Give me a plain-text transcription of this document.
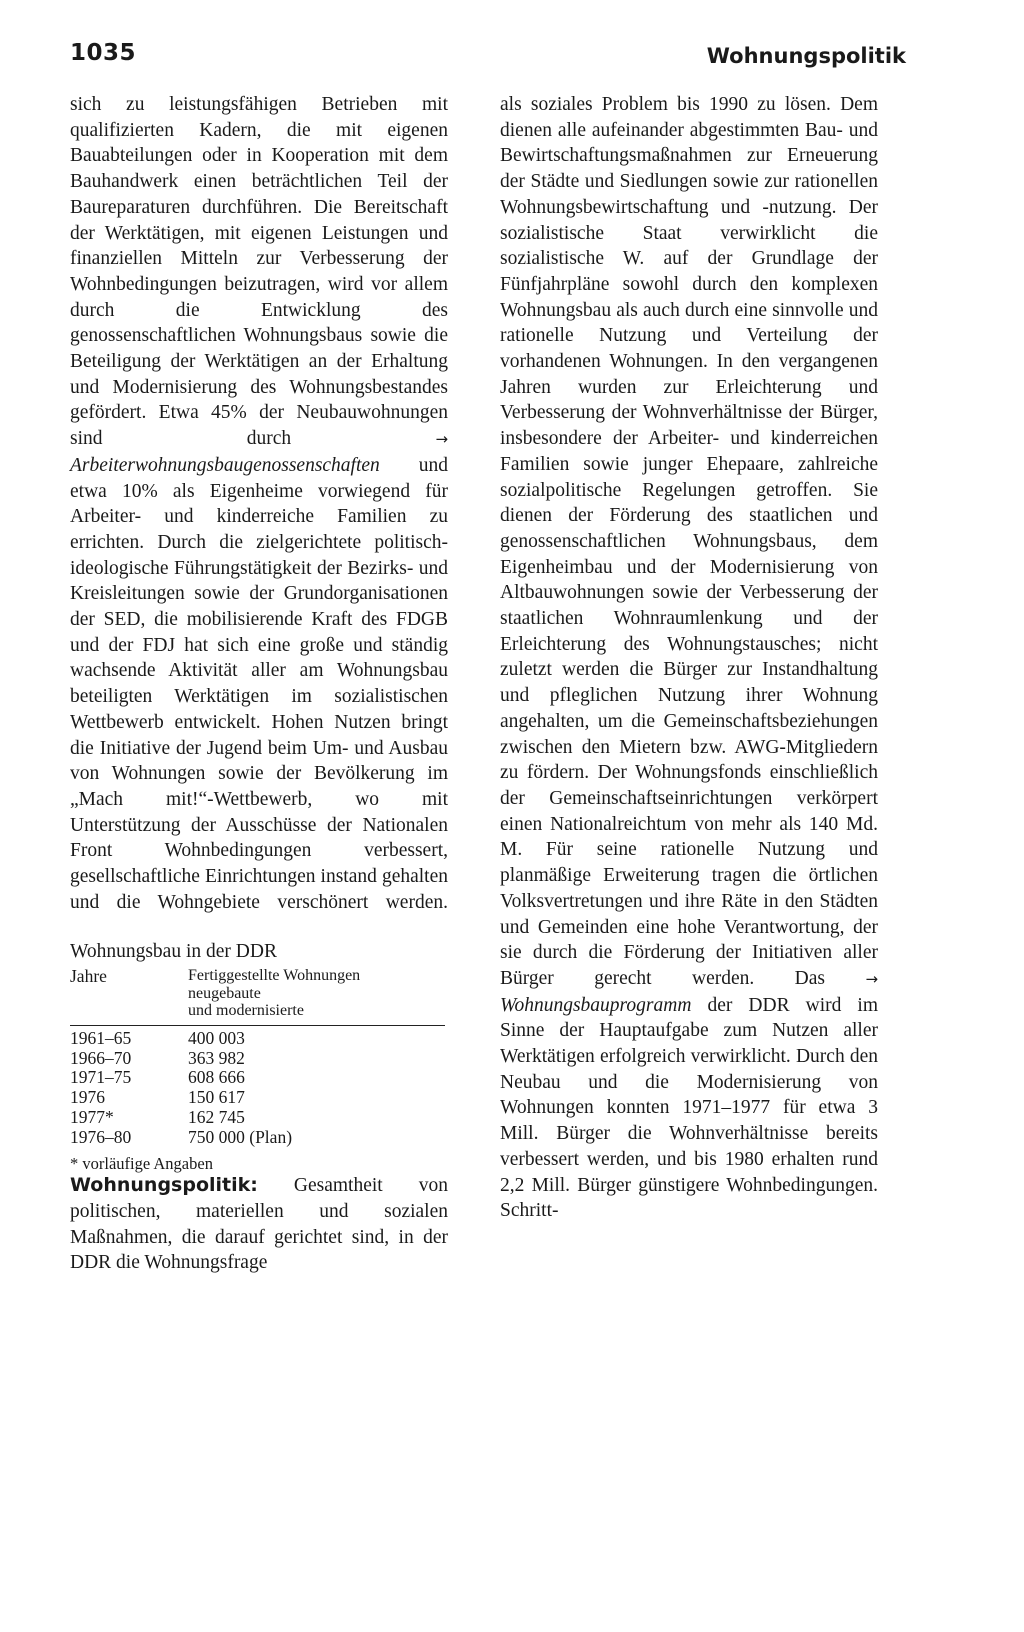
1035	Wohnungspolitik

sich zu leistungsfähigen Betrieben mit qualifizierten Kadern, die mit eigenen Bauabteilungen oder in Kooperation mit dem Bauhandwerk einen beträchtlichen Teil der Baureparaturen durchführen. Die Bereitschaft der Werktätigen, mit eigenen Leistungen und finanziellen Mitteln zur Verbesserung der Wohnbedingungen beizutragen, wird vor allem durch die Entwicklung des genossenschaftlichen Wohnungsbaus sowie die Beteiligung der Werktätigen an der Erhaltung und Modernisierung des Wohnungsbestandes gefördert. Etwa 45% der Neubauwohnungen sind durch	→ Arbeiterwohnungsbaugenossenschaften und etwa 10% als Eigenheime vorwiegend für Arbeiter- und kinderreiche Familien zu errichten. Durch die zielgerichtete politisch-ideologische Führungstätigkeit der Bezirks- und Kreisleitungen sowie der Grundorganisationen der SED, die mobilisierende Kraft des FDGB und der FDJ hat sich eine große und ständig wachsende Aktivität aller am Wohnungsbau beteiligten Werktätigen im sozialistischen Wettbewerb entwickelt. Hohen Nutzen bringt die Initiative der Jugend beim Um- und Ausbau von Wohnungen sowie der Bevölkerung im „Mach mit!“-Wettbewerb, wo mit Unterstützung der Ausschüsse der Nationalen Front Wohnbedingungen verbessert, gesellschaftliche Einrichtungen instand gehalten und die Wohngebiete verschönert werden.

Wohnungsbau in der DDR
Jahre	Fertiggestellte Wohnungen
neugebaute
und modernisierte
1961–65	400 003
1966–70	363 982
1971–75	608 666
1976	150 617
1977*	162 745
1976–80	750 000 (Plan)
* vorläufige Angaben

Wohnungspolitik: Gesamtheit von politischen, materiellen und sozialen Maßnahmen, die darauf gerichtet sind, in der DDR die Wohnungsfrage

als soziales Problem bis 1990 zu lösen. Dem dienen alle aufeinander abgestimmten Bau- und Bewirtschaftungsmaßnahmen zur Erneuerung der Städte und Siedlungen sowie zur rationellen Wohnungsbewirtschaftung und -nutzung. Der sozialistische Staat verwirklicht die sozialistische W. auf der Grundlage der Fünfjahrpläne sowohl durch den komplexen Wohnungsbau als auch durch eine sinnvolle und rationelle Nutzung und Verteilung der vorhandenen Wohnungen. In den vergangenen Jahren wurden zur Erleichterung und Verbesserung der Wohnverhältnisse der Bürger, insbesondere der Arbeiter- und kinderreichen Familien sowie junger Ehepaare, zahlreiche sozialpolitische Regelungen getroffen. Sie dienen der Förderung des staatlichen und genossenschaftlichen Wohnungsbaus, dem Eigenheimbau und der Modernisierung von Altbauwohnungen sowie der Verbesserung der staatlichen Wohnraumlenkung und der Erleichterung des Wohnungstausches; nicht zuletzt werden die Bürger zur Instandhaltung und pfleglichen Nutzung ihrer Wohnung angehalten, um die Gemeinschaftsbeziehungen zwischen den Mietern bzw. AWG-Mitgliedern zu fördern. Der Wohnungsfonds einschließlich der Gemeinschaftseinrichtungen verkörpert einen Nationalreichtum von mehr als 140 Md. M. Für seine rationelle Nutzung und planmäßige Erweiterung tragen die örtlichen Volksvertretungen und ihre Räte in den Städten und Gemeinden eine hohe Verantwortung, der sie durch die Förderung der Initiativen aller Bürger gerecht werden. Das	→ Wohnungsbauprogramm der DDR wird im Sinne der Hauptaufgabe zum Nutzen aller Werktätigen erfolgreich verwirklicht. Durch den Neubau und die Modernisierung von Wohnungen konnten 1971–1977 für etwa 3 Mill. Bürger die Wohnverhältnisse bereits verbessert werden, und bis 1980 erhalten rund 2,2 Mill. Bürger günstigere Wohnbedingungen. Schritt-
